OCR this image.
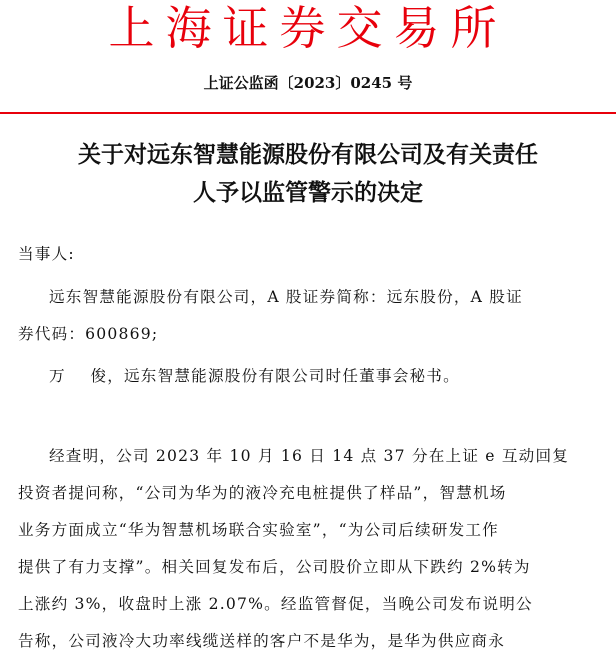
上海证券交易所
上证公监函〔2023〕0245 号
关于对远东智慧能源股份有限公司及有关责任
人予以监管警示的决定
当事人:
远东智慧能源股份有限公司，A 股证券简称：远东股份，A 股证
券代码：600869;
万    俊，远东智慧能源股份有限公司时任董事会秘书。
经查明，公司 2023 年 10 月 16 日 14 点 37 分在上证 e 互动回复
投资者提问称，“公司为华为的液冷充电桩提供了样品”，智慧机场
业务方面成立“华为智慧机场联合实验室”，“为公司后续研发工作
提供了有力支撑”。相关回复发布后，公司股价立即从下跌约 2%转为
上涨约 3%，收盘时上涨 2.07%。经监管督促，当晚公司发布说明公
告称，公司液冷大功率线缆送样的客户不是华为，是华为供应商永
